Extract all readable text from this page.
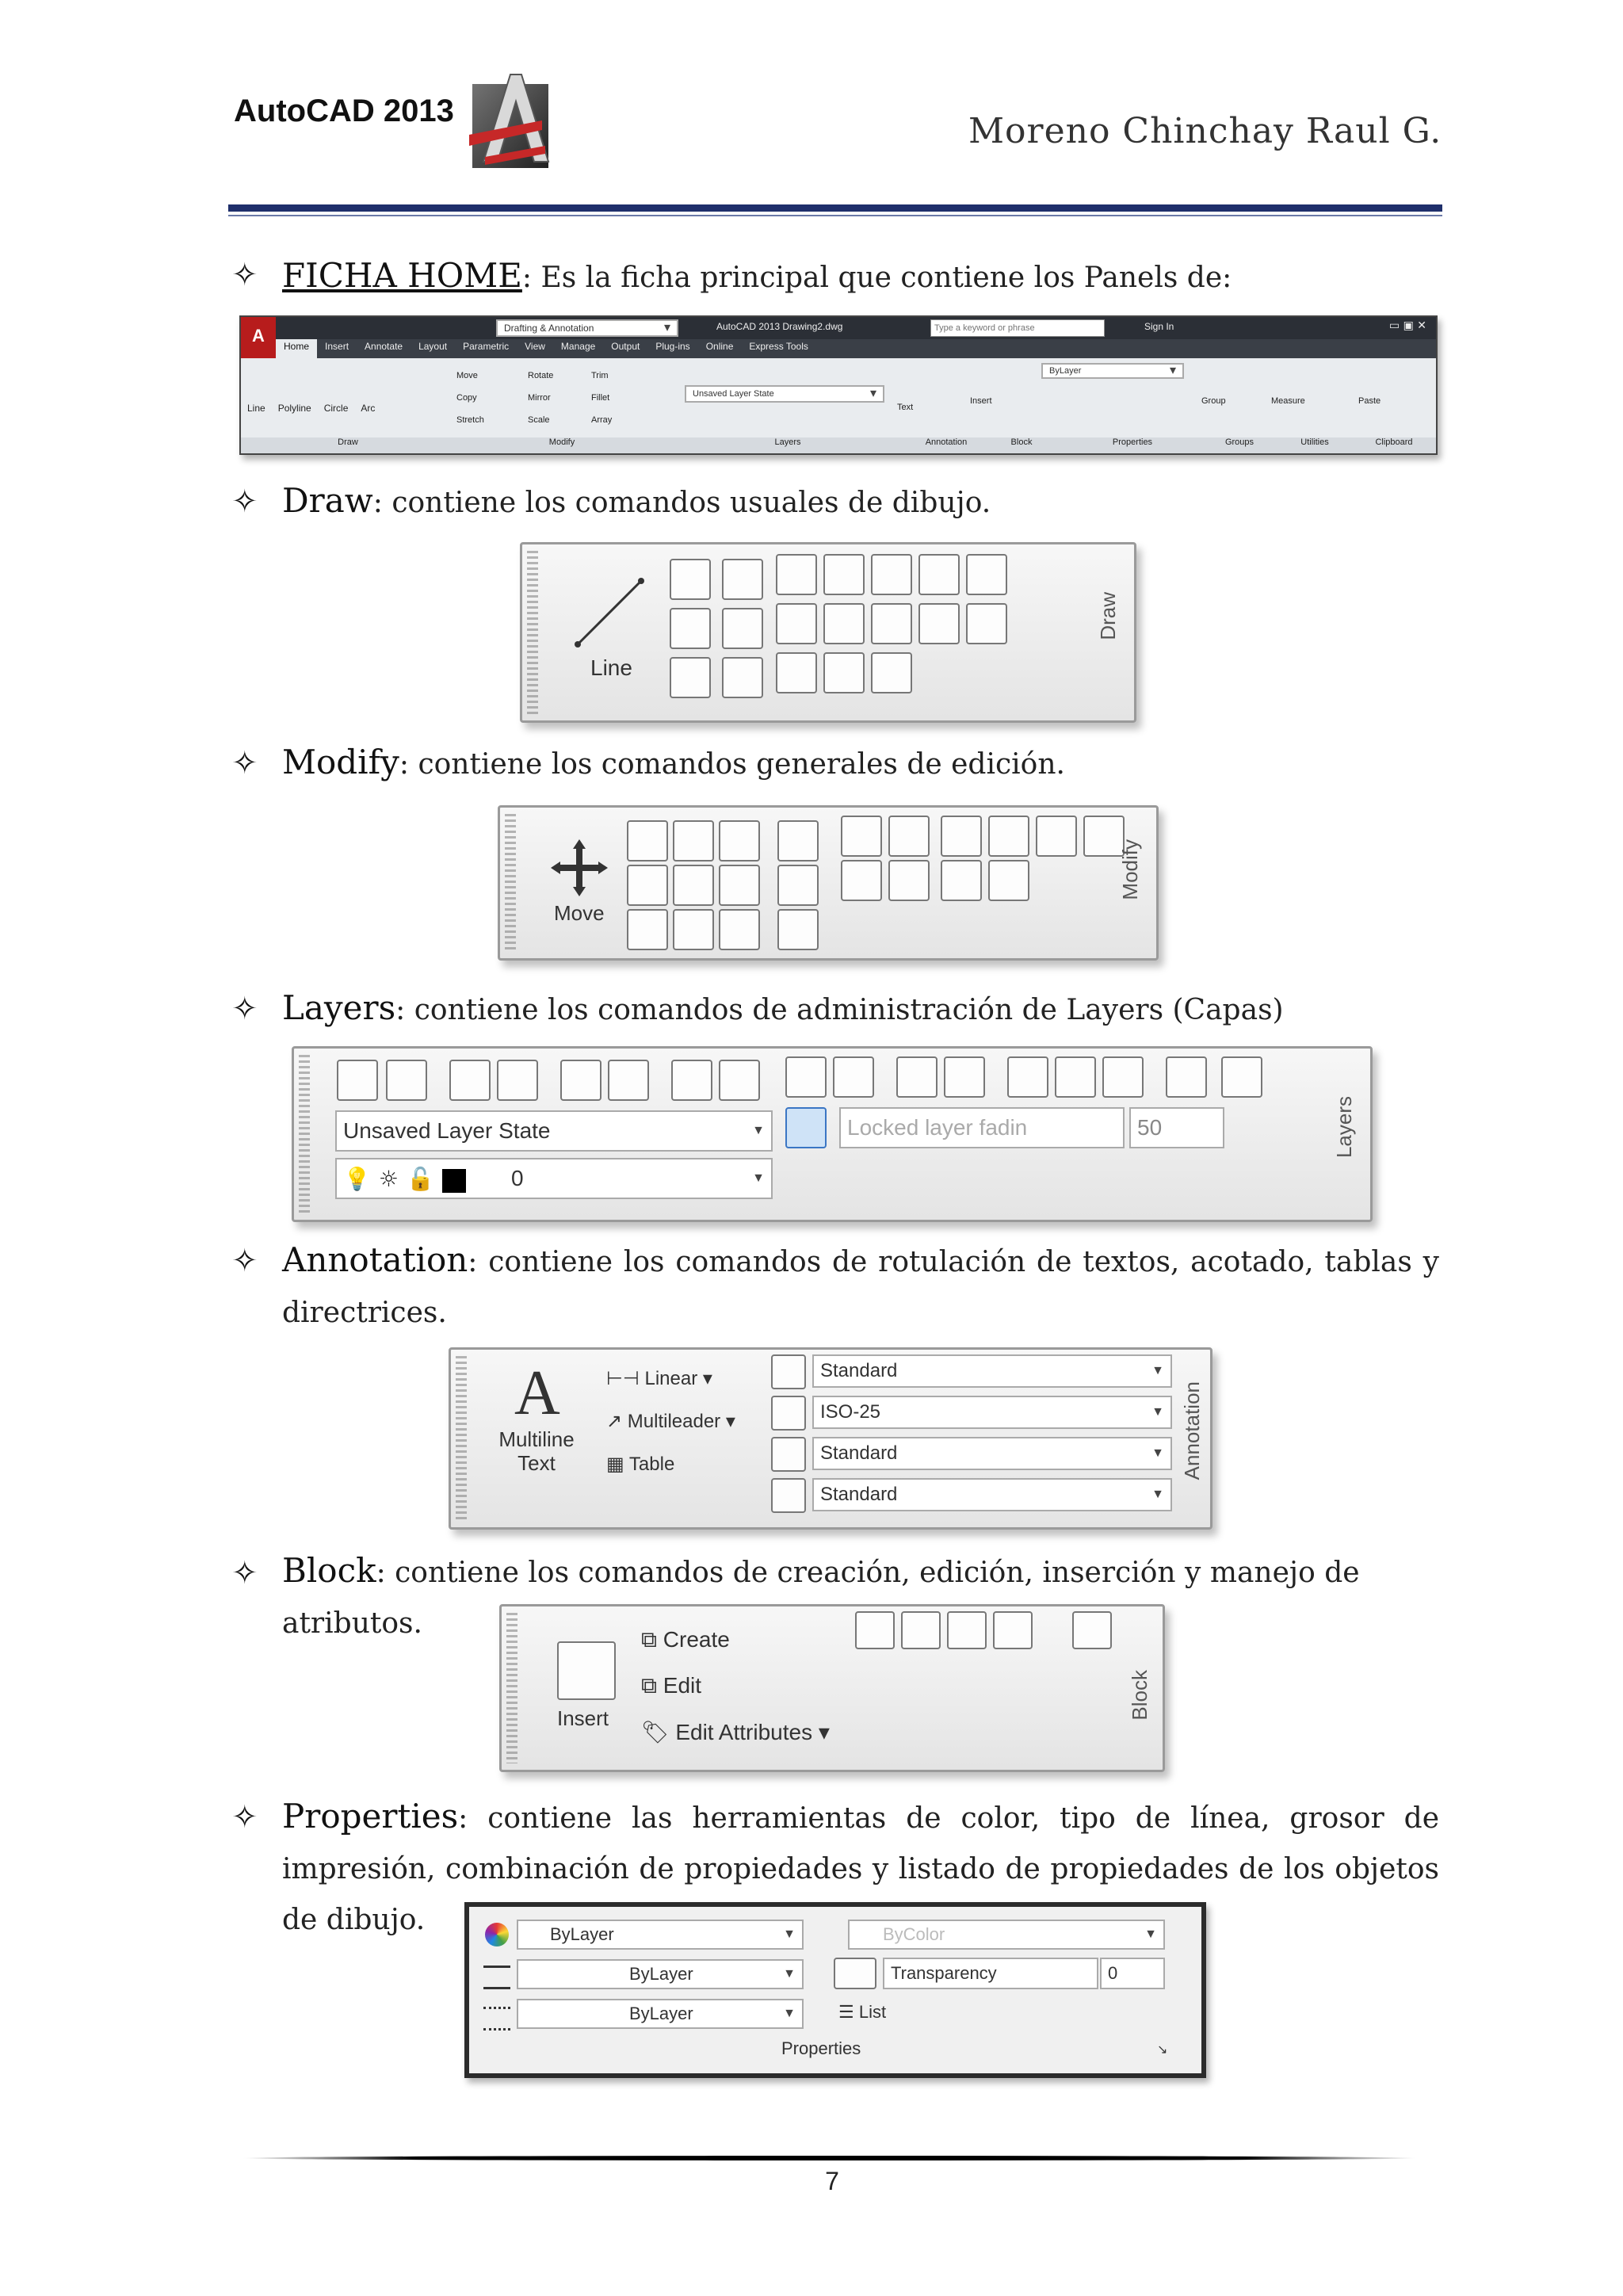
AutoCAD 2013	Moreno Chinchay Raul G.
✧ FICHA HOME: Es la ficha principal que contiene los Panels de:
A	Drafting & Annotation	▾	AutoCAD 2013 Drawing2.dwg
Type a keyword or phrase	Sign In	▭ ▣ ✕
Home	Insert	Annotate	Layout	Parametric	View	Manage	Output	Plug-ins	Online	Express Tools
Line Polyline Circle Arc
Move
Copy
Stretch
Rotate
Mirror
Scale
Trim
Fillet
Array
Unsaved Layer State	▾
Text
Insert
ByLayer	▾
Group	Measure	Paste
Draw	Modify	Layers	Annotation	Block	Properties	Groups	Utilities	Clipboard
✧ Draw: contiene los comandos usuales de dibujo.
Line
Draw
✧ Modify: contiene los comandos generales de edición.
Move
Modify
✧ Layers: contiene los comandos de administración de Layers (Capas)
Unsaved Layer State	▼
0	▼
💡 ☼ 🔓
Locked layer fadin	50	Layers
✧ Annotation: contiene los comandos de rotulación de textos, acotado, tablas y directrices.
A
Multiline
Text
⊢⊣ Linear ▾
↗ Multileader ▾
▦ Table
Standard	▼
ISO-25	▼
Standard	▼
Standard	▼
Annotation
✧ Block: contiene los comandos de creación, edición, inserción y manejo de atributos.
Insert
⧉ Create
⧉ Edit
🏷 Edit Attributes ▾
Block
✧ Properties: contiene las herramientas de color, tipo de línea, grosor de impresión, combinación de propiedades y listado de propiedades de los objetos de dibujo.	ByLayer	▼
ByLayer	▼
ByLayer	▼
ByColor	▼
Transparency	0
☰ List
Properties	↘
7
